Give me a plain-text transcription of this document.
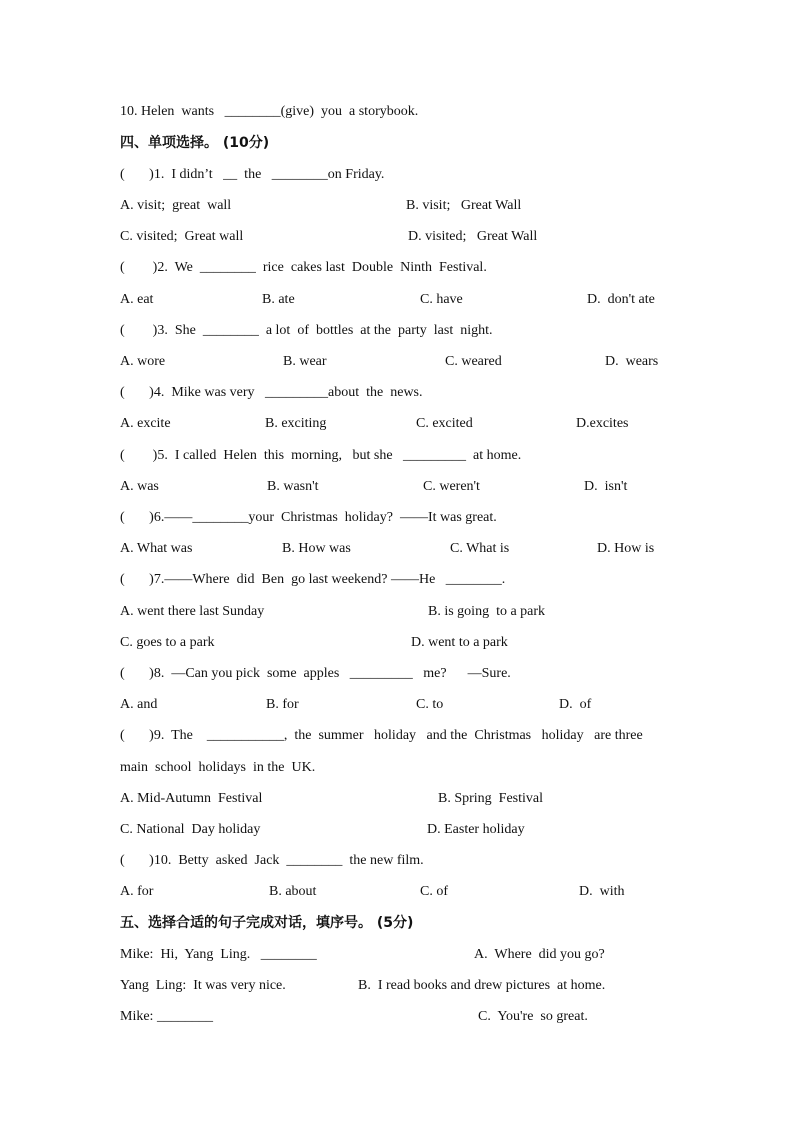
10. Helen  wants   ________(give)  you  a storybook.
四、单项选择。 (10分)
(       )1.  I didn’t   __  the   ________on Friday.
A. visit;  great  wall	B. visit;   Great Wall
C. visited;  Great wall	D. visited;   Great Wall
(        )2.  We  ________  rice  cakes last  Double  Ninth  Festival.
A. eat	B. ate	C. have	D.  don't ate
(        )3.  She  ________  a lot  of  bottles  at the  party  last  night.
A. wore	B. wear	C. weared	D.  wears
(       )4.  Mike was very   _________about  the  news.
A. excite	B. exciting	C. excited	D.excites
(        )5.  I called  Helen  this  morning,   but she   _________  at home.
A. was	B. wasn't	C. weren't	D.  isn't
(       )6.——________your  Christmas  holiday?  ——It was great.
A. What was	B. How was	C. What is	D. How is
(       )7.——Where  did  Ben  go last weekend? ——He   ________.
A. went there last Sunday	B. is going  to a park
C. goes to a park	D. went to a park
(       )8.  —Can you pick  some  apples   _________   me?      —Sure.
A. and	B. for	C. to	D.  of
(       )9.  The    ___________,  the  summer   holiday   and the  Christmas   holiday   are three
main  school  holidays  in the  UK.
A. Mid-Autumn  Festival	B. Spring  Festival
C. National  Day holiday	D. Easter holiday
(       )10.  Betty  asked  Jack  ________  the new film.
A. for	B. about	C. of	D.  with
五、选择合适的句子完成对话，填序号。 (5分)
Mike:  Hi,  Yang  Ling.   ________	A.  Where  did you go?
Yang  Ling:  It was very nice.	B.  I read books and drew pictures  at home.
Mike: ________	C.  You're  so great.
